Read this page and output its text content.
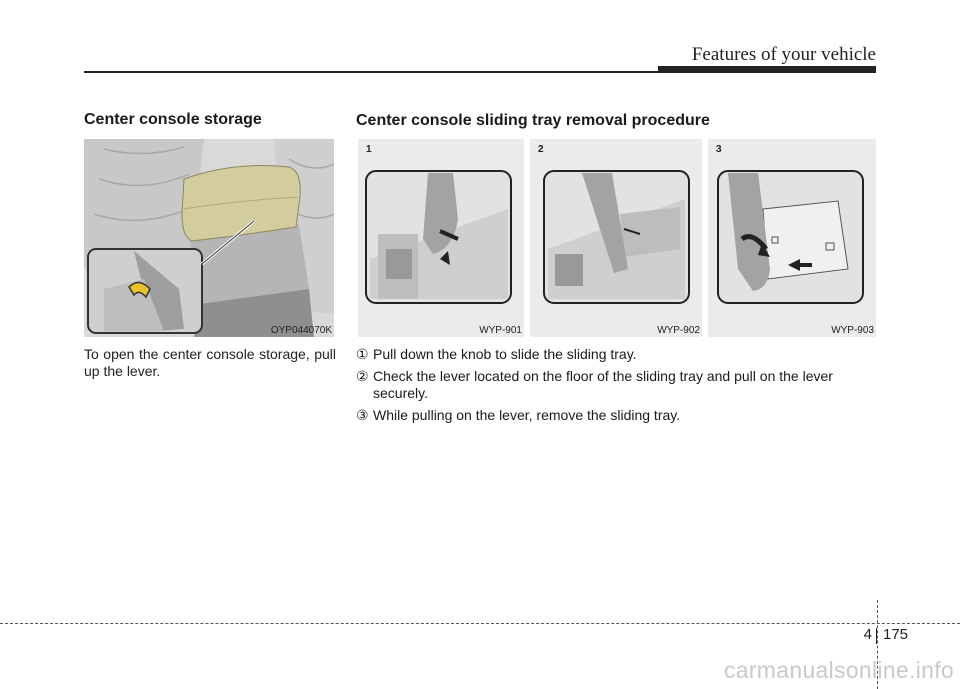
Features of your vehicle
Center console storage
OYP044070K
To open the center console storage, pull up the lever.
Center console sliding tray removal procedure
1
WYP-901
2
WYP-902
3
WYP-903
① Pull down the knob to slide the sliding tray.
② Check the lever located on the floor of the sliding tray and pull on the lever securely.
③ While pulling on the lever, remove the sliding tray.
4 175
carmanualsonline.info
